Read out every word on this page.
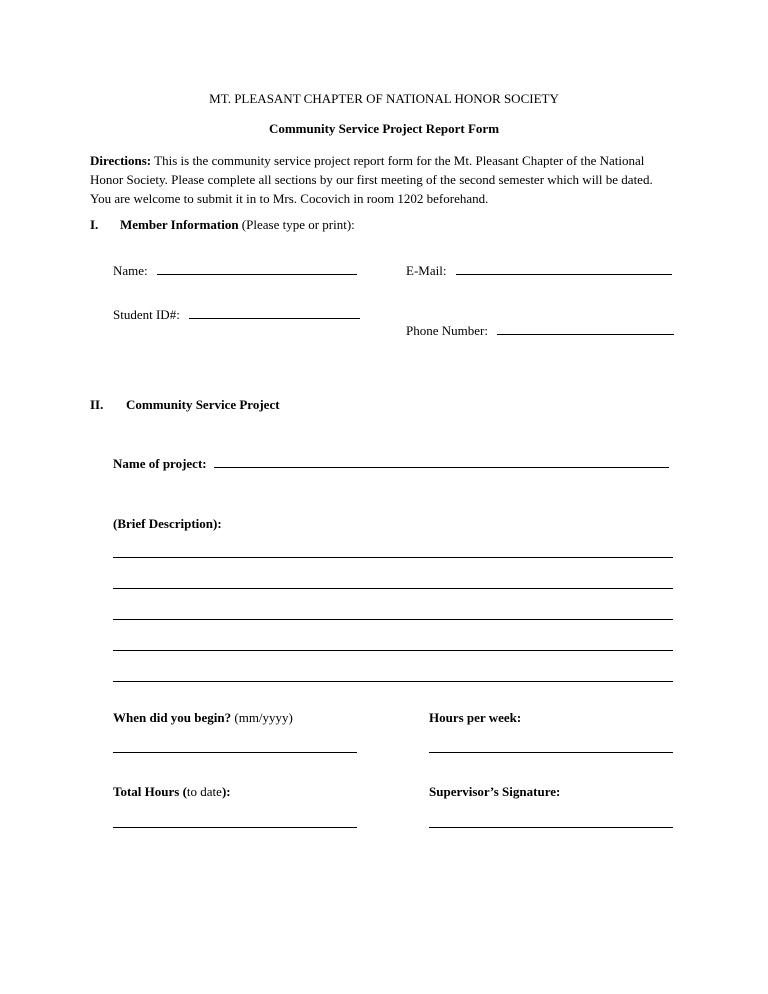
MT. PLEASANT CHAPTER OF NATIONAL HONOR SOCIETY
Community Service Project Report Form
Directions: This is the community service project report form for the Mt. Pleasant Chapter of the National
Honor Society. Please complete all sections by our first meeting of the second semester which will be dated.
You are welcome to submit it in to Mrs. Cocovich in room 1202 beforehand.
I. Member Information (Please type or print):
Name:	E-Mail:
Student ID#:
Phone Number:
II. Community Service Project
Name of project:
(Brief Description):
When did you begin? (mm/yyyy)	Hours per week:
Total Hours (to date):	Supervisor’s Signature:
